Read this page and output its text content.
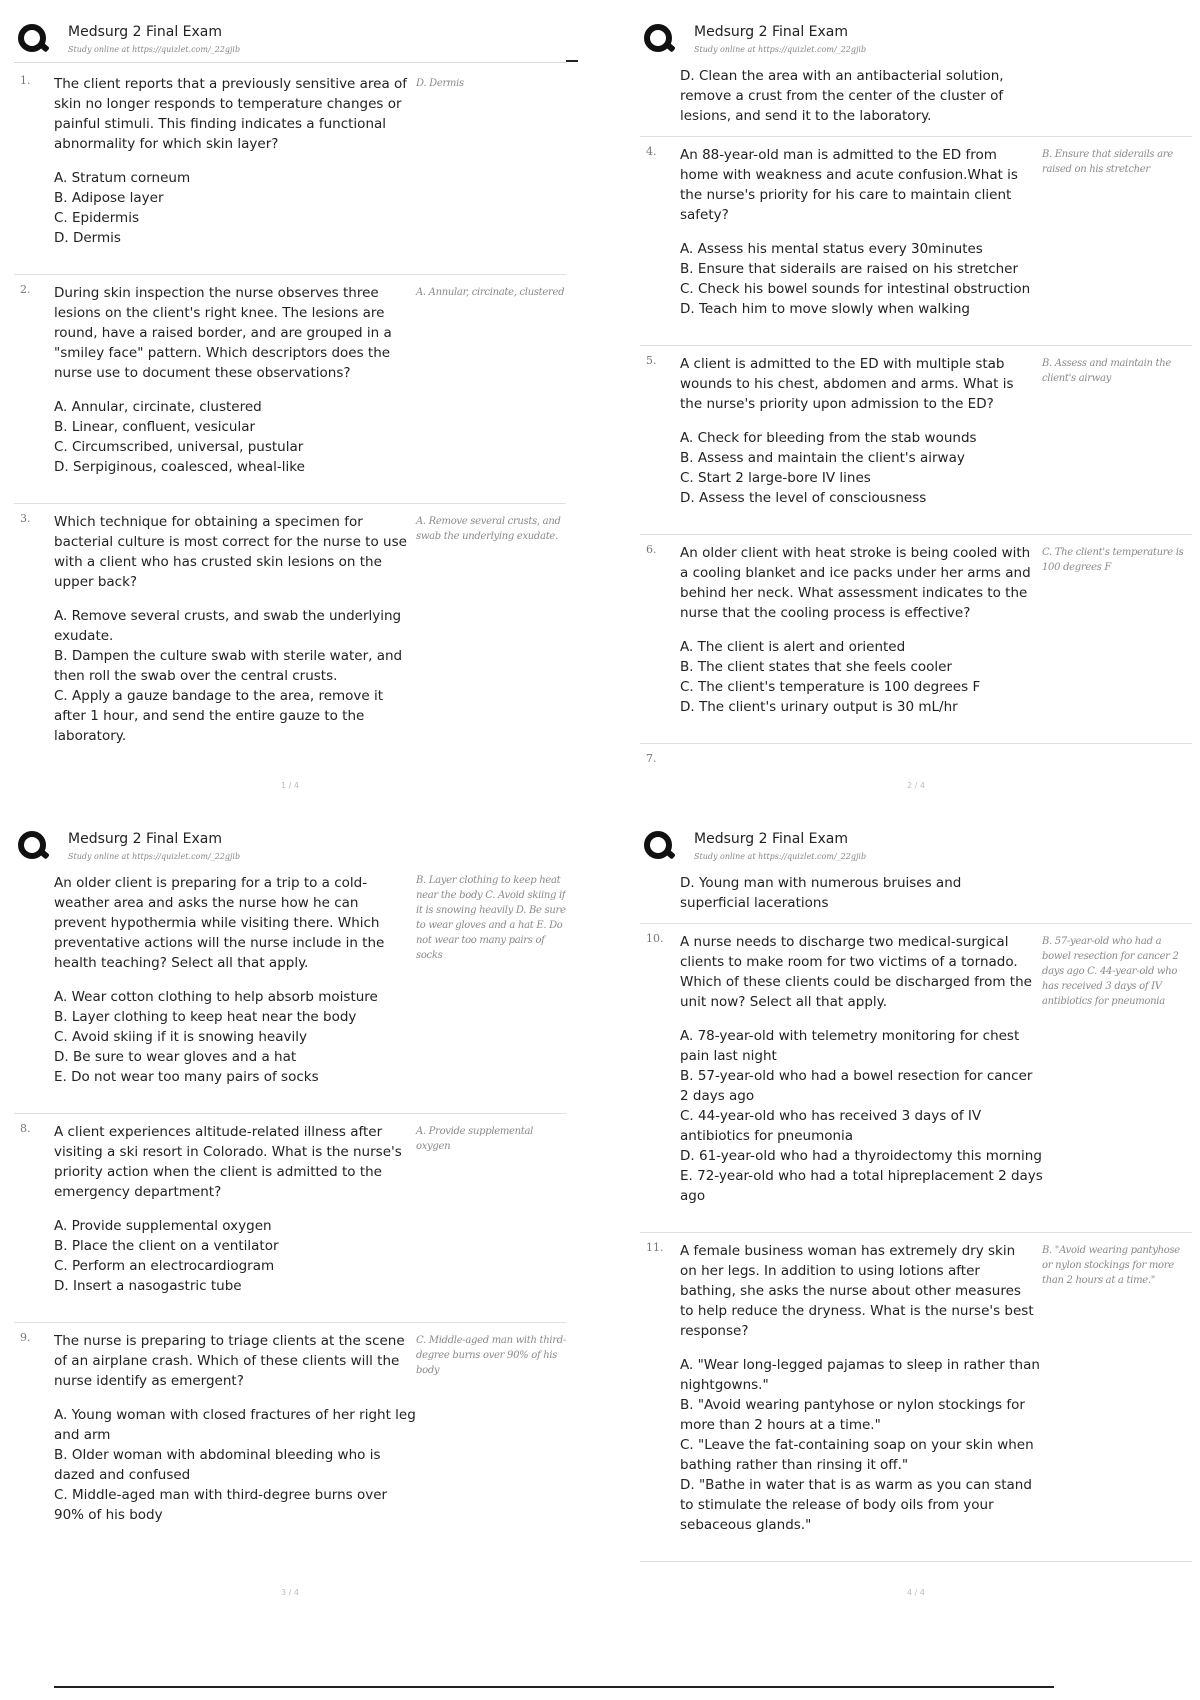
Medsurg 2 Final Exam
Study online at https://quizlet.com/_22gjib
1. The client reports that a previously sensitive area of skin no longer responds to temperature changes or painful stimuli. This finding indicates a functional abnormality for which skin layer?
D. Dermis
A. Stratum corneum
B. Adipose layer
C. Epidermis
D. Dermis
2. During skin inspection the nurse observes three lesions on the client's right knee. The lesions are round, have a raised border, and are grouped in a "smiley face" pattern. Which descriptors does the nurse use to document these observations?
A. Annular, circinate, clustered
A. Annular, circinate, clustered
B. Linear, confluent, vesicular
C. Circumscribed, universal, pustular
D. Serpiginous, coalesced, wheal-like
3. Which technique for obtaining a specimen for bacterial culture is most correct for the nurse to use with a client who has crusted skin lesions on the upper back?
A. Remove several crusts, and swab the underlying exudate.
A. Remove several crusts, and swab the underlying exudate.
B. Dampen the culture swab with sterile water, and then roll the swab over the central crusts.
C. Apply a gauze bandage to the area, remove it after 1 hour, and send the entire gauze to the laboratory.
1 / 4
Medsurg 2 Final Exam
Study online at https://quizlet.com/_22gjib
D. Clean the area with an antibacterial solution, remove a crust from the center of the cluster of lesions, and send it to the laboratory.
4. An 88-year-old man is admitted to the ED from home with weakness and acute confusion.What is the nurse's priority for his care to maintain client safety?
B. Ensure that siderails are raised on his stretcher
A. Assess his mental status every 30minutes
B. Ensure that siderails are raised on his stretcher
C. Check his bowel sounds for intestinal obstruction
D. Teach him to move slowly when walking
5. A client is admitted to the ED with multiple stab wounds to his chest, abdomen and arms. What is the nurse's priority upon admission to the ED?
B. Assess and maintain the client's airway
A. Check for bleeding from the stab wounds
B. Assess and maintain the client's airway
C. Start 2 large-bore IV lines
D. Assess the level of consciousness
6. An older client with heat stroke is being cooled with a cooling blanket and ice packs under her arms and behind her neck. What assessment indicates to the nurse that the cooling process is effective?
C. The client's temperature is 100 degrees F
A. The client is alert and oriented
B. The client states that she feels cooler
C. The client's temperature is 100 degrees F
D. The client's urinary output is 30 mL/hr
7.
2 / 4
Medsurg 2 Final Exam
Study online at https://quizlet.com/_22gjib
An older client is preparing for a trip to a cold-weather area and asks the nurse how he can prevent hypothermia while visiting there. Which preventative actions will the nurse include in the health teaching? Select all that apply.
B. Layer clothing to keep heat near the body C. Avoid skiing if it is snowing heavily D. Be sure to wear gloves and a hat E. Do not wear too many pairs of socks
A. Wear cotton clothing to help absorb moisture
B. Layer clothing to keep heat near the body
C. Avoid skiing if it is snowing heavily
D. Be sure to wear gloves and a hat
E. Do not wear too many pairs of socks
8. A client experiences altitude-related illness after visiting a ski resort in Colorado. What is the nurse's priority action when the client is admitted to the emergency department?
A. Provide supplemental oxygen
A. Provide supplemental oxygen
B. Place the client on a ventilator
C. Perform an electrocardiogram
D. Insert a nasogastric tube
9. The nurse is preparing to triage clients at the scene of an airplane crash. Which of these clients will the nurse identify as emergent?
C. Middle-aged man with third-degree burns over 90% of his body
A. Young woman with closed fractures of her right leg and arm
B. Older woman with abdominal bleeding who is dazed and confused
C. Middle-aged man with third-degree burns over 90% of his body
3 / 4
Medsurg 2 Final Exam
Study online at https://quizlet.com/_22gjib
D. Young man with numerous bruises and superficial lacerations
10. A nurse needs to discharge two medical-surgical clients to make room for two victims of a tornado. Which of these clients could be discharged from the unit now? Select all that apply.
B. 57-year-old who had a bowel resection for cancer 2 days ago C. 44-year-old who has received 3 days of IV antibiotics for pneumonia
A. 78-year-old with telemetry monitoring for chest pain last night
B. 57-year-old who had a bowel resection for cancer 2 days ago
C. 44-year-old who has received 3 days of IV antibiotics for pneumonia
D. 61-year-old who had a thyroidectomy this morning
E. 72-year-old who had a total hipreplacement 2 days ago
11. A female business woman has extremely dry skin on her legs. In addition to using lotions after bathing, she asks the nurse about other measures to help reduce the dryness. What is the nurse's best response?
B. "Avoid wearing pantyhose or nylon stockings for more than 2 hours at a time."
A. "Wear long-legged pajamas to sleep in rather than nightgowns."
B. "Avoid wearing pantyhose or nylon stockings for more than 2 hours at a time."
C. "Leave the fat-containing soap on your skin when bathing rather than rinsing it off."
D. "Bathe in water that is as warm as you can stand to stimulate the release of body oils from your sebaceous glands."
4 / 4
